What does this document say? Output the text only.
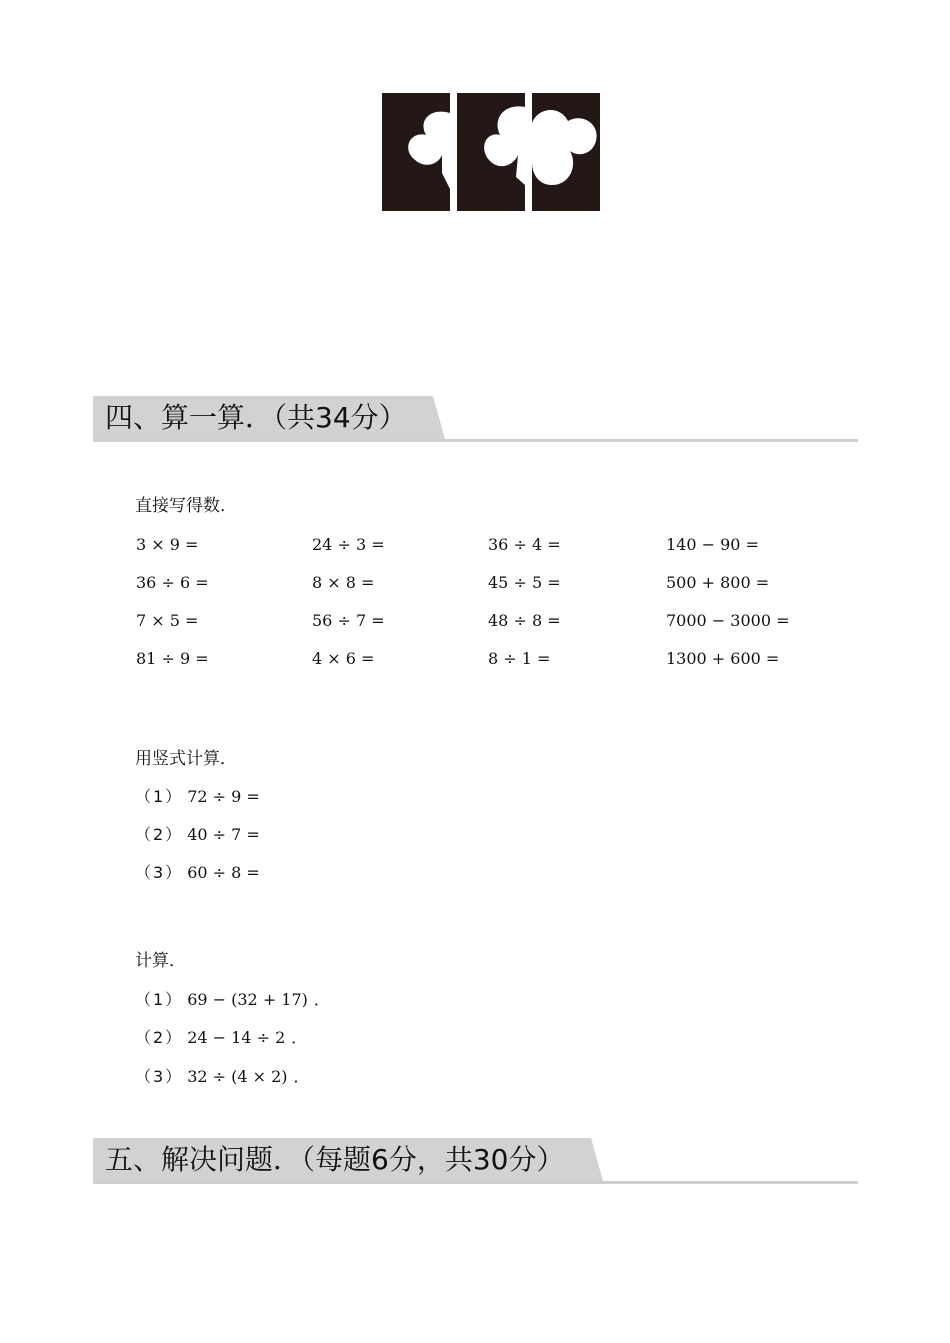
四、算一算．（共34分）
直接写得数．
3 × 9 =	24 ÷ 3 =	36 ÷ 4 =	140 − 90 =
36 ÷ 6 =	8 × 8 =	45 ÷ 5 =	500 + 800 =
7 × 5 =	56 ÷ 7 =	48 ÷ 8 =	7000 − 3000 =
81 ÷ 9 =	4 × 6 =	8 ÷ 1 =	1300 + 600 =
用竖式计算．
（1） 72 ÷ 9 =
（2） 40 ÷ 7 =
（3） 60 ÷ 8 =
计算．
（1） 69 − (32 + 17) ．
（2） 24 − 14 ÷ 2 ．
（3） 32 ÷ (4 × 2) ．
五、解决问题．（每题6分，共30分）
